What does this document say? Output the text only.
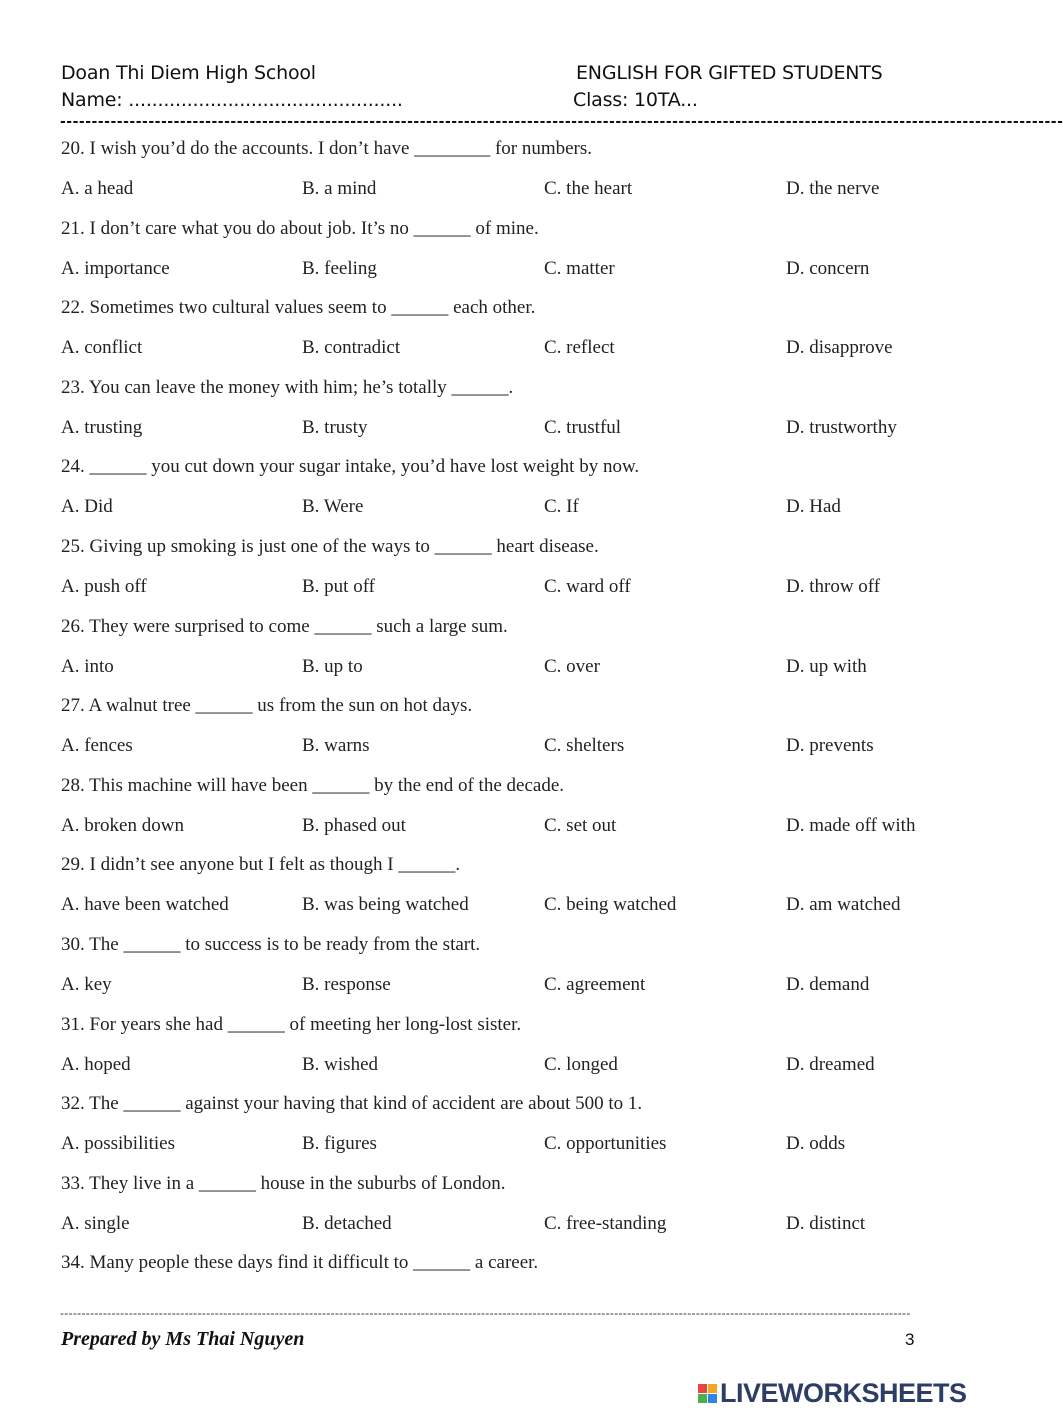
Doan Thi Diem High School
Name: ...............................................
ENGLISH FOR GIFTED STUDENTS
Class: 10TA...
---------------------------------------------------------------------------------------------------------------------------------------------------------------
20. I wish you’d do the accounts. I don’t have ________ for numbers.
A. a head	B. a mind	C. the heart	D. the nerve
21. I don’t care what you do about job. It’s no ______ of mine.
A. importance	B. feeling	C. matter	D. concern
22. Sometimes two cultural values seem to ______ each other.
A. conflict	B. contradict	C. reflect	D. disapprove
23. You can leave the money with him; he’s totally ______.
A. trusting	B. trusty	C. trustful	D. trustworthy
24. ______ you cut down your sugar intake, you’d have lost weight by now.
A. Did	B. Were	C. If	D. Had
25. Giving up smoking is just one of the ways to ______ heart disease.
A. push off	B. put off	C. ward off	D. throw off
26. They were surprised to come ______ such a large sum.
A. into	B. up to	C. over	D. up with
27. A walnut tree ______ us from the sun on hot days.
A. fences	B. warns	C. shelters	D. prevents
28. This machine will have been ______ by the end of the decade.
A. broken down	B. phased out	C. set out	D. made off with
29. I didn’t see anyone but I felt as though I ______.
A. have been watched	B. was being watched	C. being watched	D. am watched
30. The ______ to success is to be ready from the start.
A. key	B. response	C. agreement	D. demand
31. For years she had ______ of meeting her long-lost sister.
A. hoped	B. wished	C. longed	D. dreamed
32. The ______ against your having that kind of accident are about 500 to 1.
A. possibilities	B. figures	C. opportunities	D. odds
33. They live in a ______ house in the suburbs of London.
A. single	B. detached	C. free-standing	D. distinct
34. Many people these days find it difficult to ______ a career.
------------------------------------------------------------------------------------------------------------------------------------------------------------------------------------------------------
Prepared by Ms Thai Nguyen	3
LIVEWORKSHEETS
